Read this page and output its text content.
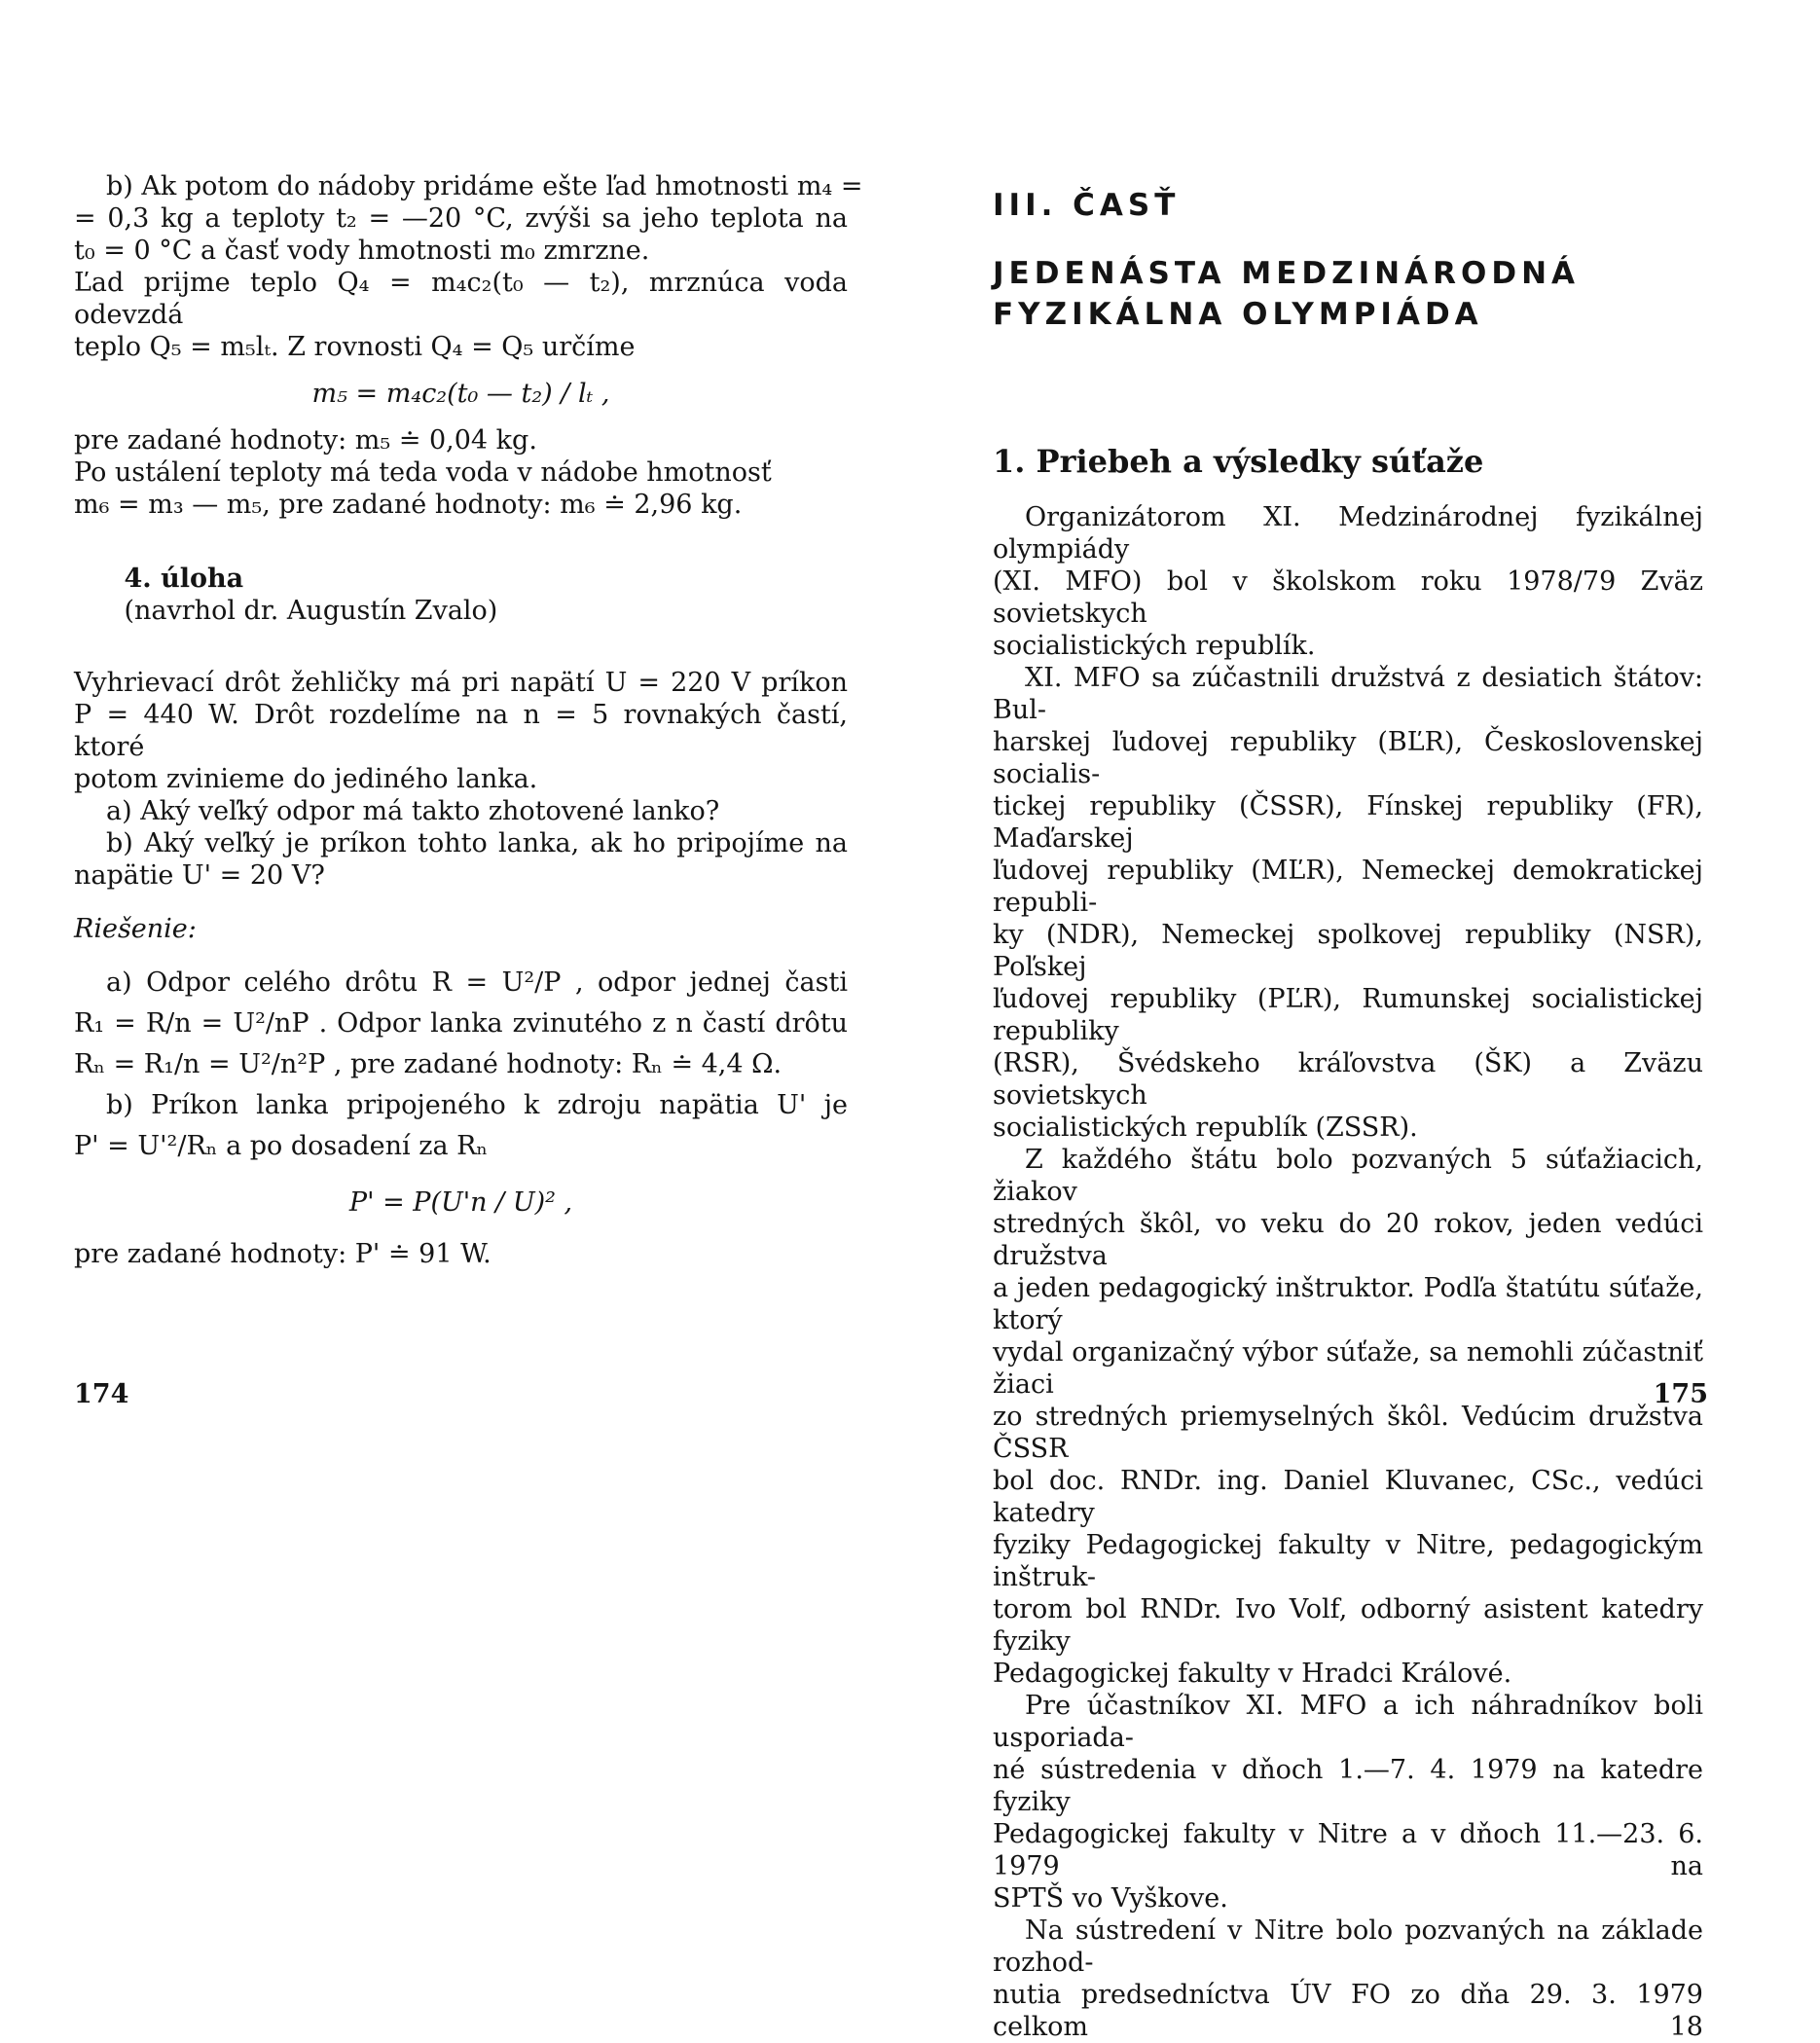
b) Ak potom do nádoby pridáme ešte ľad hmotnosti m₄ =
= 0,3 kg a teploty t₂ = —20 °C, zvýši sa jeho teplota na
t₀ = 0 °C a časť vody hmotnosti m₀ zmrzne.
Ľad prijme teplo Q₄ = m₄c₂(t₀ — t₂), mrznúca voda odevzdá
teplo Q₅ = m₅lₜ. Z rovnosti Q₄ = Q₅ určíme
m₅ = m₄c₂(t₀ — t₂) / lₜ ,
pre zadané hodnoty: m₅ ≐ 0,04 kg.
Po ustálení teploty má teda voda v nádobe hmotnosť
m₆ = m₃ — m₅, pre zadané hodnoty: m₆ ≐ 2,96 kg.

4. úloha
(navrhol dr. Augustín Zvalo)

Vyhrievací drôt žehličky má pri napätí U = 220 V príkon
P = 440 W. Drôt rozdelíme na n = 5 rovnakých častí, ktoré
potom zvinieme do jediného lanka.
a) Aký veľký odpor má takto zhotovené lanko?
b) Aký veľký je príkon tohto lanka, ak ho pripojíme na
napätie U' = 20 V?
Riešenie:
a) Odpor celého drôtu R = U²/P , odpor jednej časti
R₁ = R/n = U²/nP . Odpor lanka zvinutého z n častí drôtu
Rₙ = R₁/n = U²/n²P , pre zadané hodnoty: Rₙ ≐ 4,4 Ω.
b) Príkon lanka pripojeného k zdroju napätia U' je
P' = U'²/Rₙ a po dosadení za Rₙ
P' = P(U'n / U)² ,
pre zadané hodnoty: P' ≐ 91 W.
174
III. ČASŤ
JEDENÁSTA MEDZINÁRODNÁ
FYZIKÁLNA OLYMPIÁDA
1. Priebeh a výsledky súťaže
Organizátorom XI. Medzinárodnej fyzikálnej olympiády
(XI. MFO) bol v školskom roku 1978/79 Zväz sovietskych
socialistických republík.
XI. MFO sa zúčastnili družstvá z desiatich štátov: Bul-
harskej ľudovej republiky (BĽR), Československej socialis-
tickej republiky (ČSSR), Fínskej republiky (FR), Maďarskej
ľudovej republiky (MĽR), Nemeckej demokratickej republi-
ky (NDR), Nemeckej spolkovej republiky (NSR), Poľskej
ľudovej republiky (PĽR), Rumunskej socialistickej republiky
(RSR), Švédskeho kráľovstva (ŠK) a Zväzu sovietskych
socialistických republík (ZSSR).
Z každého štátu bolo pozvaných 5 súťažiacich, žiakov
stredných škôl, vo veku do 20 rokov, jeden vedúci družstva
a jeden pedagogický inštruktor. Podľa štatútu súťaže, ktorý
vydal organizačný výbor súťaže, sa nemohli zúčastniť žiaci
zo stredných priemyselných škôl. Vedúcim družstva ČSSR
bol doc. RNDr. ing. Daniel Kluvanec, CSc., vedúci katedry
fyziky Pedagogickej fakulty v Nitre, pedagogickým inštruk-
torom bol RNDr. Ivo Volf, odborný asistent katedry fyziky
Pedagogickej fakulty v Hradci Králové.
Pre účastníkov XI. MFO a ich náhradníkov boli usporiada-
né sústredenia v dňoch 1.—7. 4. 1979 na katedre fyziky
Pedagogickej fakulty v Nitre a v dňoch 11.—23. 6. 1979 na
SPTŠ vo Vyškove.
Na sústredení v Nitre bolo pozvaných na základe rozhod-
nutia predsedníctva ÚV FO zo dňa 29. 3. 1979 celkom 18
175
